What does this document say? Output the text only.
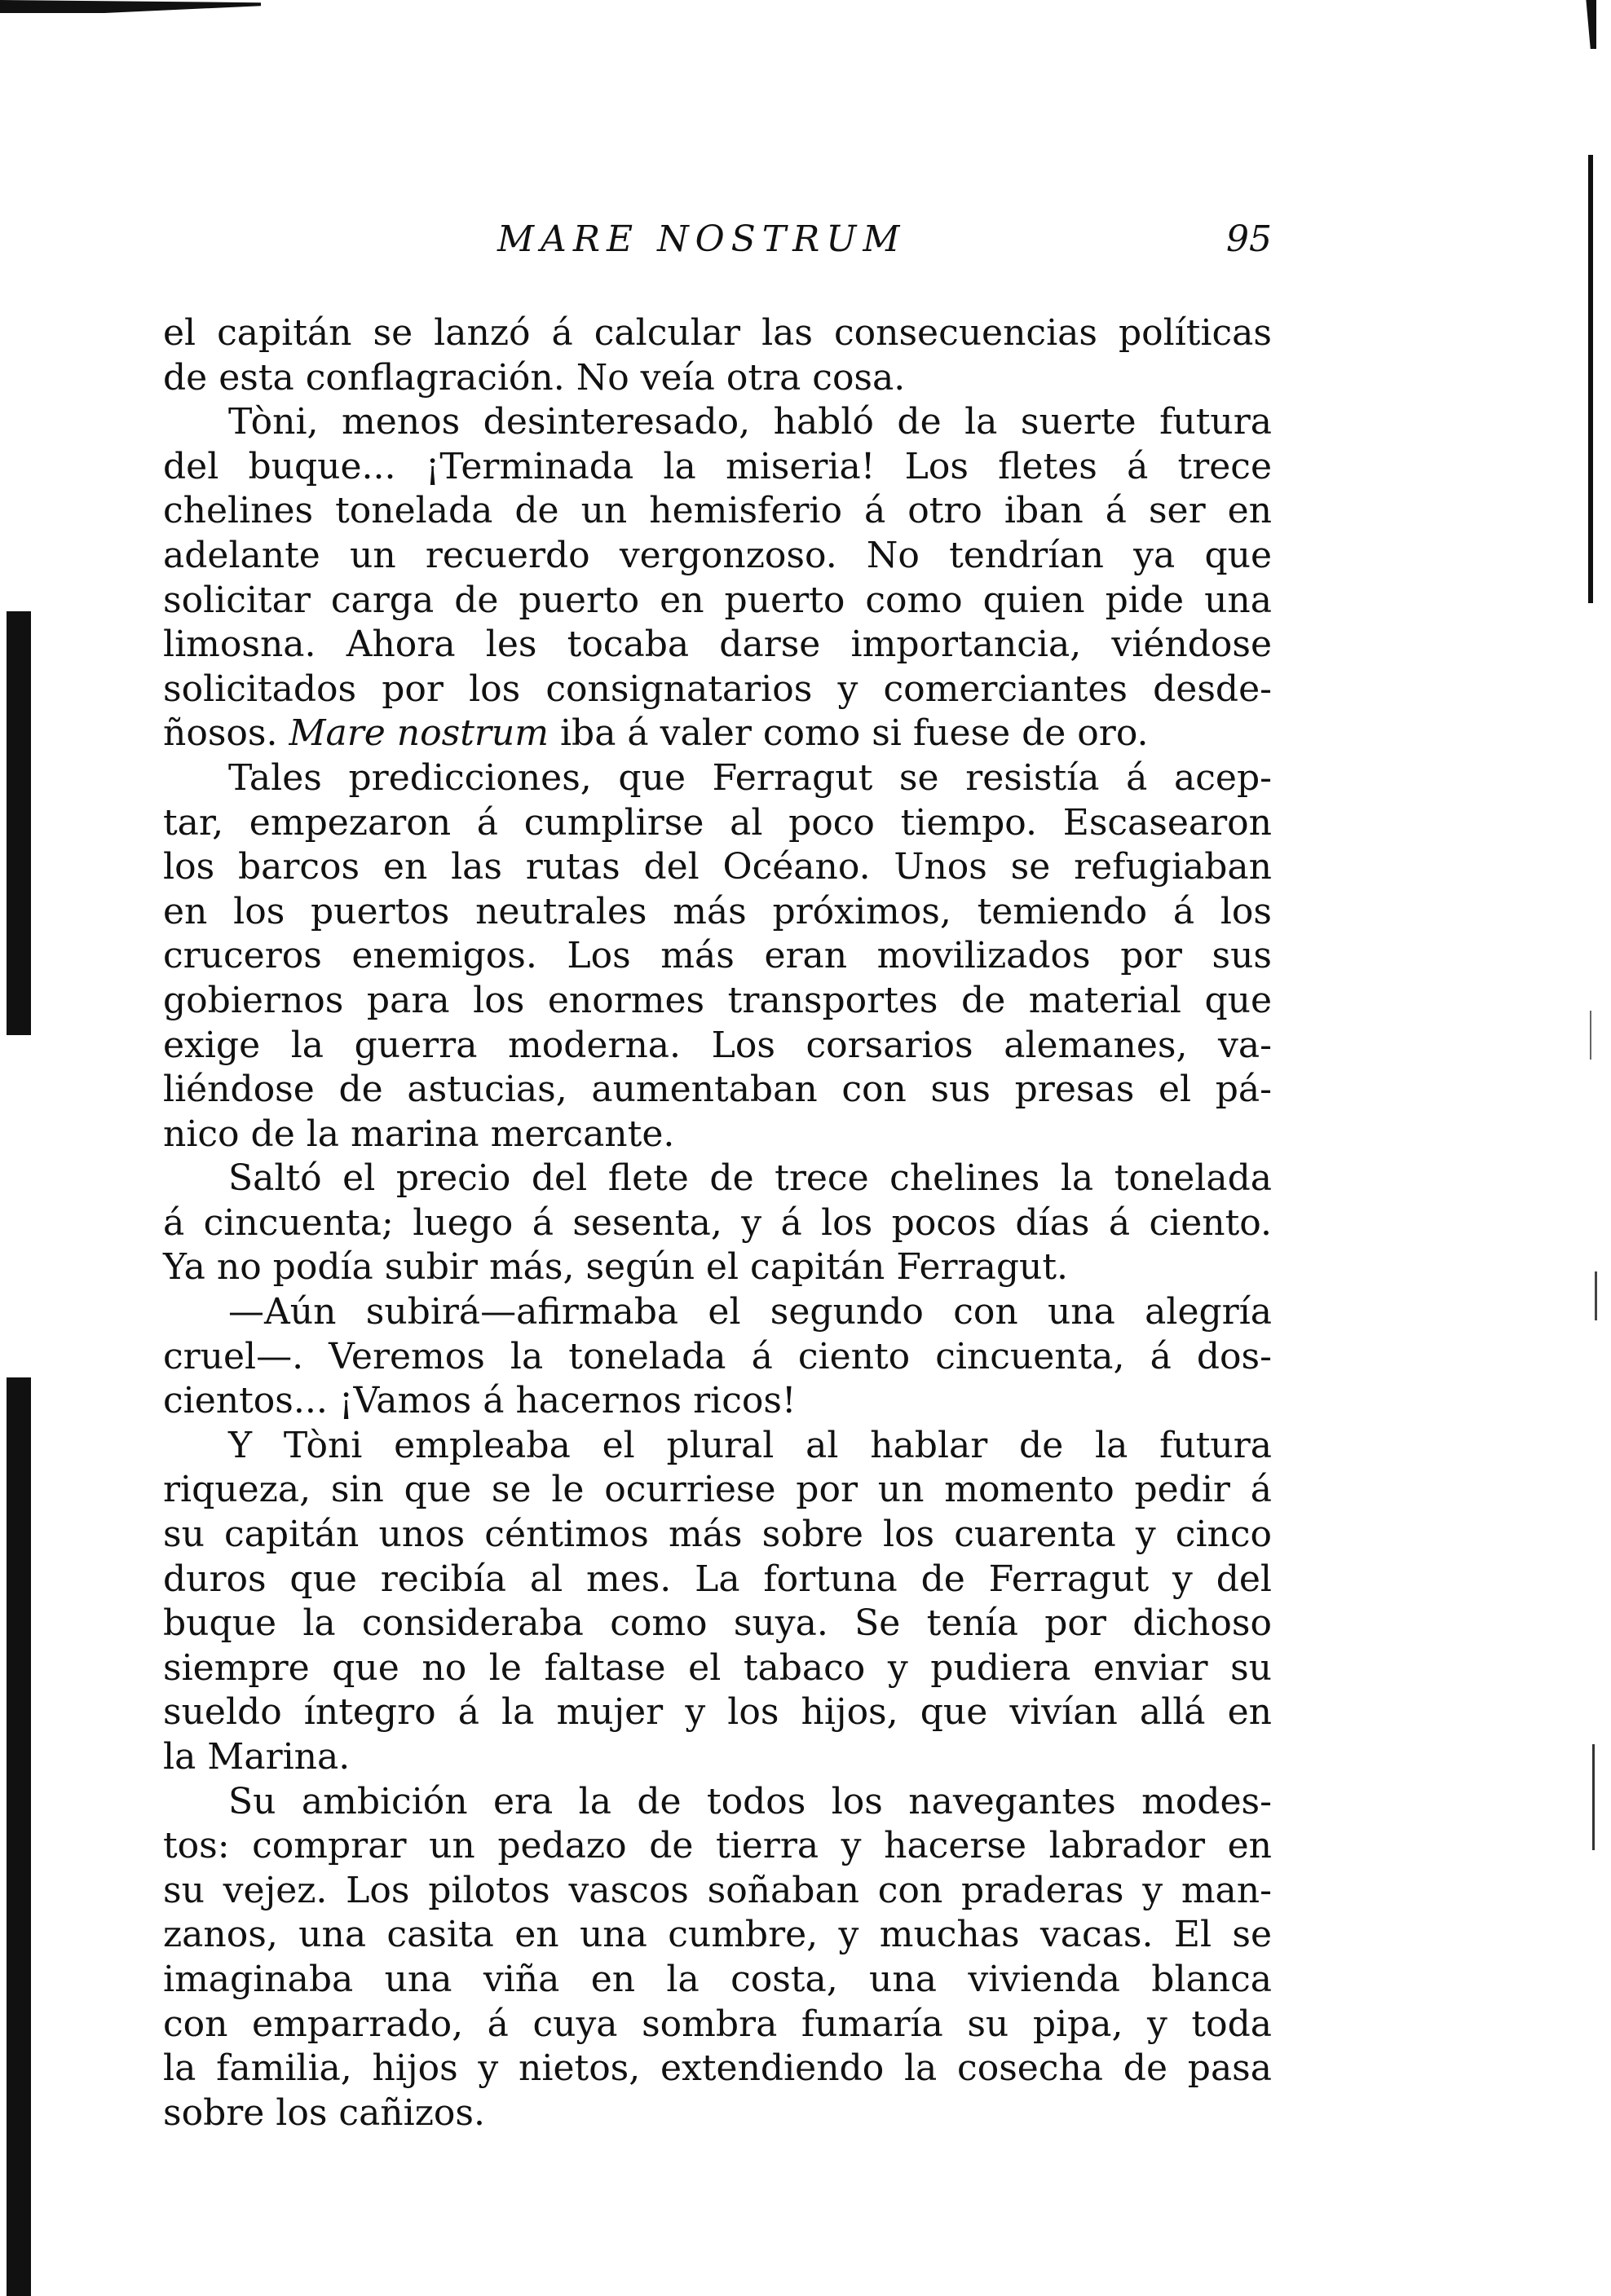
MARE NOSTRUM	95
el capitán se lanzó á calcular las consecuencias políticas
de esta conflagración. No veía otra cosa.
Tòni, menos desinteresado, habló de la suerte futura
del buque... ¡Terminada la miseria! Los fletes á trece
chelines tonelada de un hemisferio á otro iban á ser en
adelante un recuerdo vergonzoso. No tendrían ya que
solicitar carga de puerto en puerto como quien pide una
limosna. Ahora les tocaba darse importancia, viéndose
solicitados por los consignatarios y comerciantes desde-
ñosos. Mare nostrum iba á valer como si fuese de oro.
Tales predicciones, que Ferragut se resistía á acep-
tar, empezaron á cumplirse al poco tiempo. Escasearon
los barcos en las rutas del Océano. Unos se refugiaban
en los puertos neutrales más próximos, temiendo á los
cruceros enemigos. Los más eran movilizados por sus
gobiernos para los enormes transportes de material que
exige la guerra moderna. Los corsarios alemanes, va-
liéndose de astucias, aumentaban con sus presas el pá-
nico de la marina mercante.
Saltó el precio del flete de trece chelines la tonelada
á cincuenta; luego á sesenta, y á los pocos días á ciento.
Ya no podía subir más, según el capitán Ferragut.
—Aún subirá—afirmaba el segundo con una alegría
cruel—. Veremos la tonelada á ciento cincuenta, á dos-
cientos... ¡Vamos á hacernos ricos!
Y Tòni empleaba el plural al hablar de la futura
riqueza, sin que se le ocurriese por un momento pedir á
su capitán unos céntimos más sobre los cuarenta y cinco
duros que recibía al mes. La fortuna de Ferragut y del
buque la consideraba como suya. Se tenía por dichoso
siempre que no le faltase el tabaco y pudiera enviar su
sueldo íntegro á la mujer y los hijos, que vivían allá en
la Marina.
Su ambición era la de todos los navegantes modes-
tos: comprar un pedazo de tierra y hacerse labrador en
su vejez. Los pilotos vascos soñaban con praderas y man-
zanos, una casita en una cumbre, y muchas vacas. El se
imaginaba una viña en la costa, una vivienda blanca
con emparrado, á cuya sombra fumaría su pipa, y toda
la familia, hijos y nietos, extendiendo la cosecha de pasa
sobre los cañizos.
